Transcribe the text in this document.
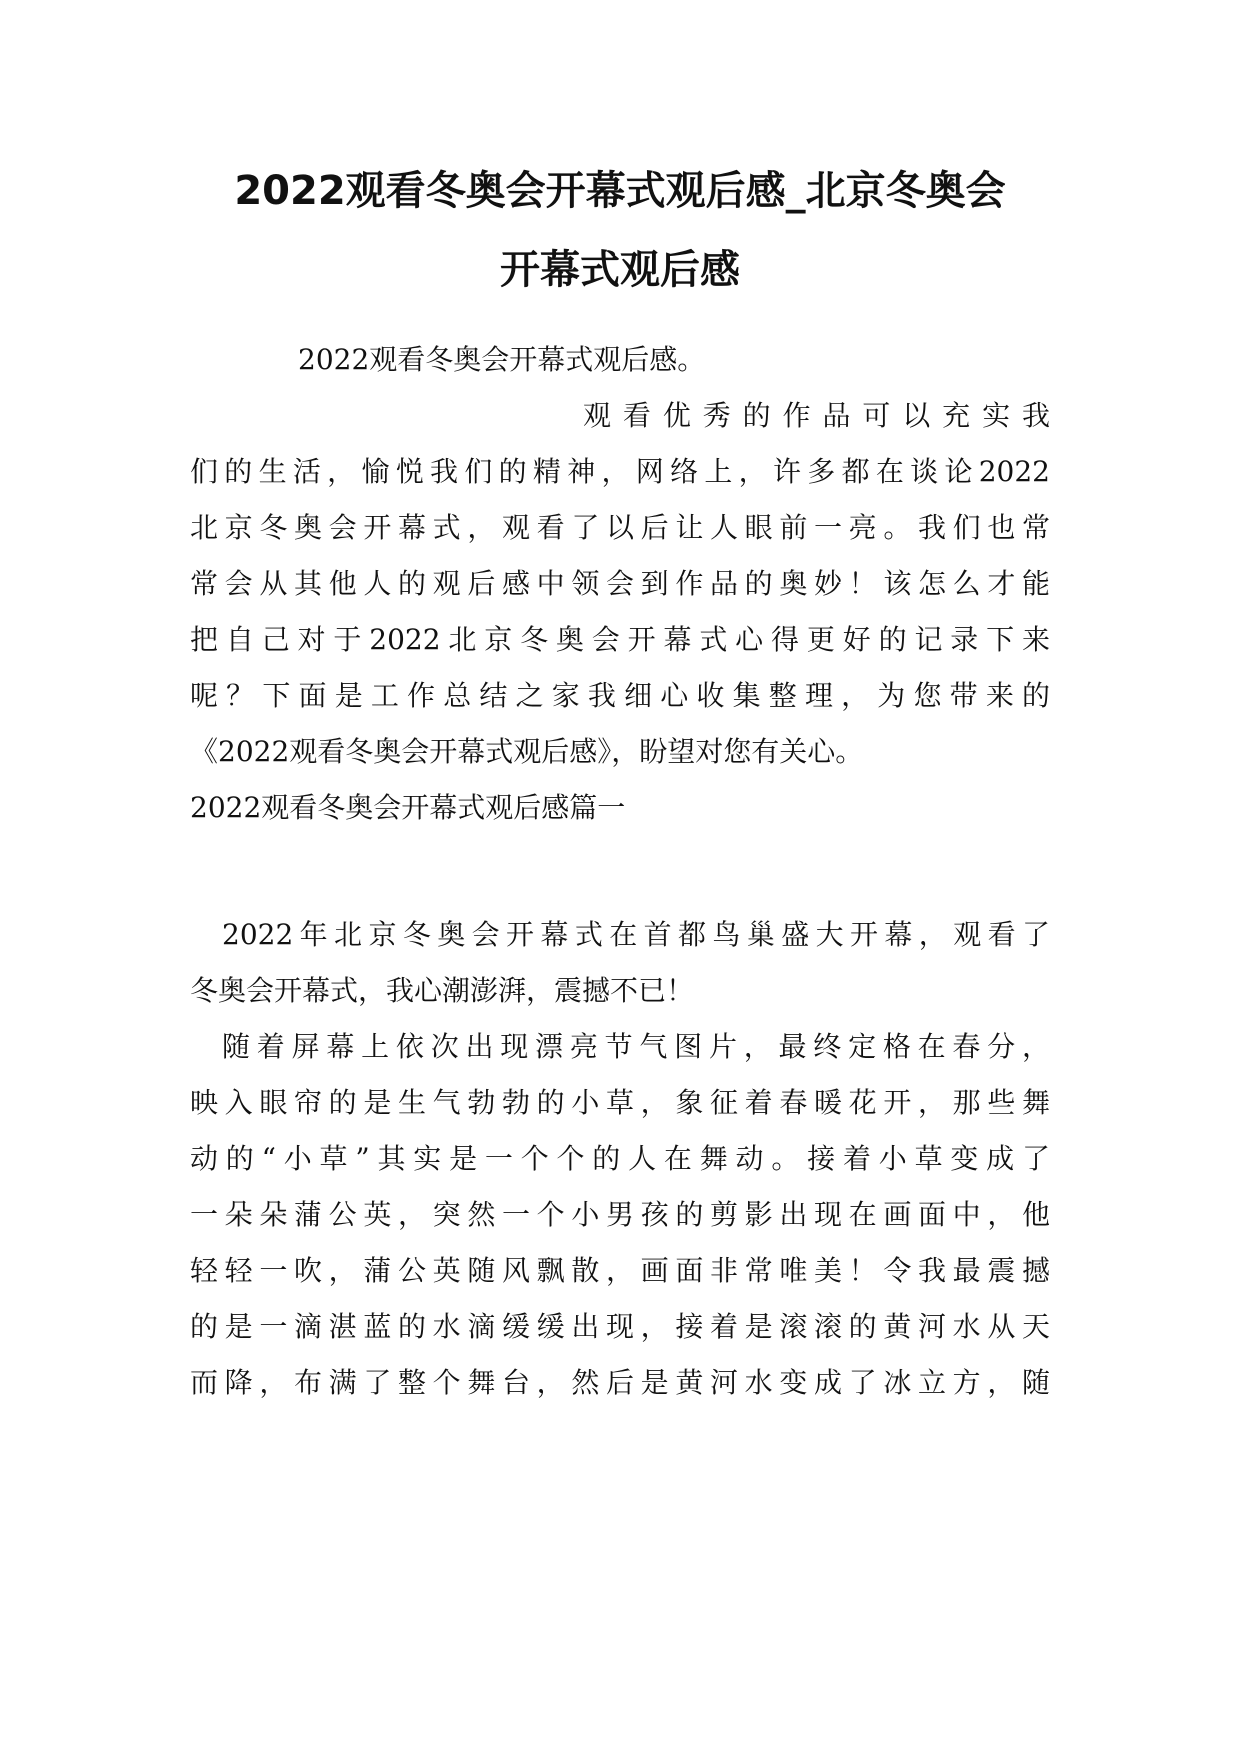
2022观看冬奥会开幕式观后感_北京冬奥会
开幕式观后感
2022观看冬奥会开幕式观后感。
观看优秀的作品可以充实我
们的生活，愉悦我们的精神，网络上，许多都在谈论2022
北京冬奥会开幕式，观看了以后让人眼前一亮。我们也常
常会从其他人的观后感中领会到作品的奥妙！该怎么才能
把自己对于2022北京冬奥会开幕式心得更好的记录下来
呢？下面是工作总结之家我细心收集整理，为您带来的
《2022观看冬奥会开幕式观后感》，盼望对您有关心。
2022观看冬奥会开幕式观后感篇一
2022年北京冬奥会开幕式在首都鸟巢盛大开幕，观看了
冬奥会开幕式，我心潮澎湃，震撼不已！
随着屏幕上依次出现漂亮节气图片，最终定格在春分，
映入眼帘的是生气勃勃的小草，象征着春暖花开，那些舞
动的“小草”其实是一个个的人在舞动。接着小草变成了
一朵朵蒲公英，突然一个小男孩的剪影出现在画面中，他
轻轻一吹，蒲公英随风飘散，画面非常唯美！令我最震撼
的是一滴湛蓝的水滴缓缓出现，接着是滚滚的黄河水从天
而降，布满了整个舞台，然后是黄河水变成了冰立方，随
